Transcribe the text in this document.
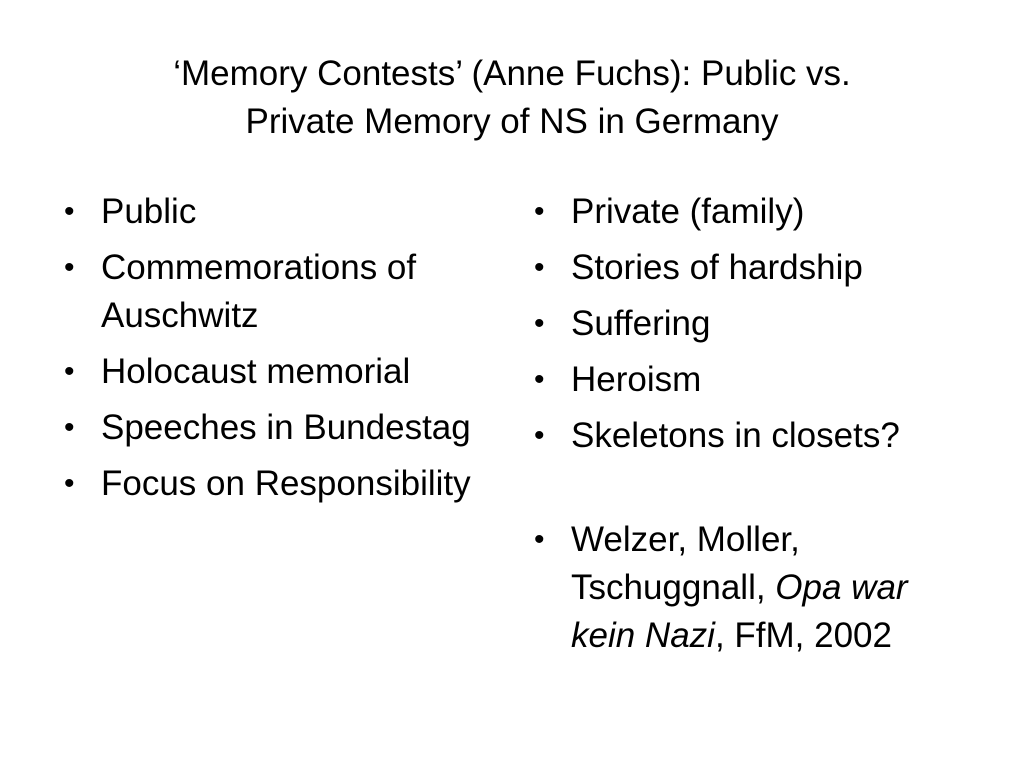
‘Memory Contests’ (Anne Fuchs): Public vs.
Private Memory of NS in Germany
• Public
• Commemorations of Auschwitz
• Holocaust memorial
• Speeches in Bundestag
• Focus on Responsibility
• Private (family)
• Stories of hardship
• Suffering
• Heroism
• Skeletons in closets?
• Welzer, Moller, Tschuggnall, Opa war kein Nazi, FfM, 2002
